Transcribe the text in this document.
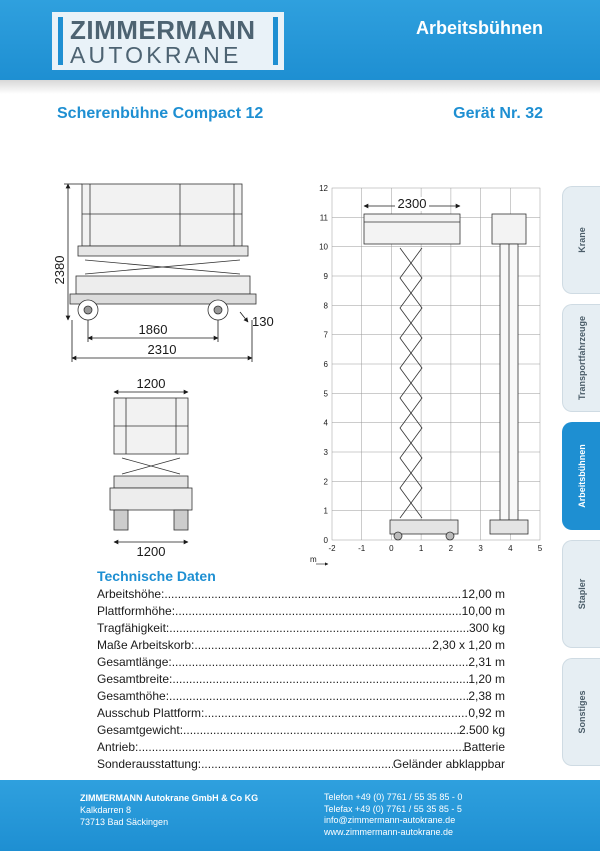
ZIMMERMANN
AUTOKRANE
Arbeitsbühnen
Scherenbühne Compact 12	Gerät Nr. 32
2380
1860
2310
130
1200
1200
0
1
2
3
4
5
6
7
8
9
10
11
12
-2	-1	0	1	2	3	4	5
m
2300
Krane
Transportfahrzeuge
Arbeitsbühnen
Stapler
Sonstiges
Technische Daten
Arbeitshöhe: .....	12,00 m
Plattformhöhe: .....	10,00 m
Tragfähigkeit: .....	300 kg
Maße Arbeitskorb: .....	2,30 x 1,20 m
Gesamtlänge: .....	2,31 m
Gesamtbreite: .....	1,20 m
Gesamthöhe: .....	2,38 m
Ausschub Plattform: .....	0,92 m
Gesamtgewicht: .....	2.500 kg
Antrieb: .....	Batterie
Sonderausstattung: .....	Geländer abklappbar
ZIMMERMANN Autokrane GmbH & Co KG
Kalkdarren 8
73713 Bad Säckingen
Telefon +49 (0) 7761 / 55 35 85 - 0
Telefax +49 (0) 7761 / 55 35 85 - 5
info@zimmermann-autokrane.de
www.zimmermann-autokrane.de
